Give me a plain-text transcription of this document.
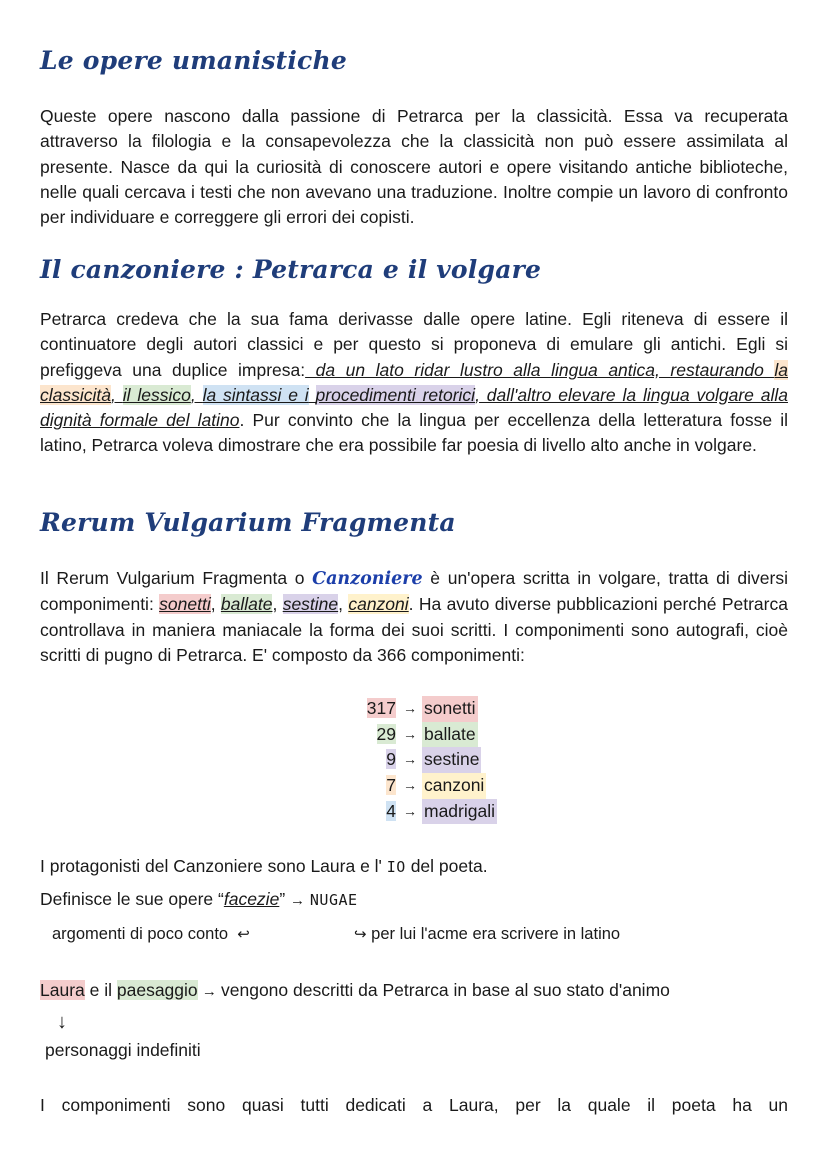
Le opere umanistiche
Queste opere nascono dalla passione di Petrarca per la classicità. Essa va recuperata attraverso la filologia e la consapevolezza che la classicità non può essere assimilata al presente. Nasce da qui la curiosità di conoscere autori e opere visitando antiche biblioteche, nelle quali cercava i testi che non avevano una traduzione. Inoltre compie un lavoro di confronto per individuare e correggere gli errori dei copisti.
Il canzoniere : Petrarca e il volgare
Petrarca credeva che la sua fama derivasse dalle opere latine. Egli riteneva di essere il continuatore degli autori classici e per questo si proponeva di emulare gli antichi. Egli si prefiggeva una duplice impresa: da un lato ridar lustro alla lingua antica, restaurando la classicità, il lessico, la sintassi e i procedimenti retorici, dall'altro elevare la lingua volgare alla dignità formale del latino. Pur convinto che la lingua per eccellenza della letteratura fosse il latino, Petrarca voleva dimostrare che era possibile far poesia di livello alto anche in volgare.
Rerum Vulgarium Fragmenta
Il Rerum Vulgarium Fragmenta o Canzoniere è un'opera scritta in volgare, tratta di diversi componimenti: sonetti, ballate, sestine, canzoni. Ha avuto diverse pubblicazioni perché Petrarca controllava in maniera maniacale la forma dei suoi scritti. I componimenti sono autografi, cioè scritti di pugno di Petrarca. E' composto da 366 componimenti:
317 → sonetti
29 → ballate
9 → sestine
7 → canzoni
4 → madrigali
I protagonisti del Canzoniere sono Laura e l' IO del poeta.
Definisce le sue opere “facezie” → NUGAE
argomenti di poco conto ↩	↪ per lui l'acme era scrivere in latino
Laura e il paesaggio → vengono descritti da Petrarca in base al suo stato d'animo
↓
personaggi indefiniti
I componimenti sono quasi tutti dedicati a Laura, per la quale il poeta ha un
